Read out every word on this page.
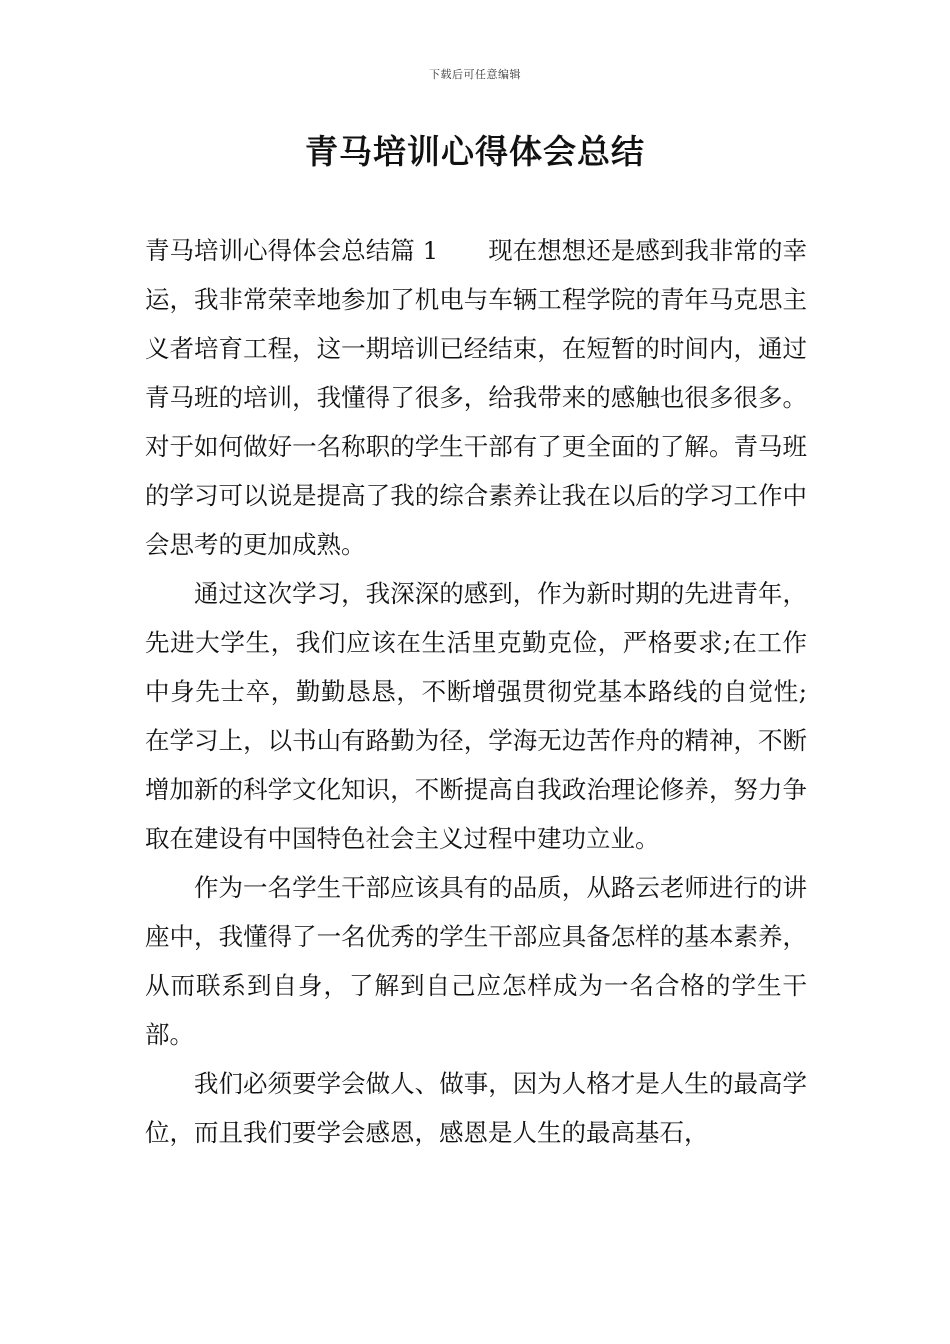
下载后可任意编辑
青马培训心得体会总结

青马培训心得体会总结篇 1 现在想想还是感到我非常的幸运，我非常荣幸地参加了机电与车辆工程学院的青年马克思主义者培育工程，这一期培训已经结束，在短暂的时间内，通过青马班的培训，我懂得了很多，给我带来的感触也很多很多。对于如何做好一名称职的学生干部有了更全面的了解。青马班的学习可以说是提高了我的综合素养让我在以后的学习工作中会思考的更加成熟。

通过这次学习，我深深的感到，作为新时期的先进青年，先进大学生，我们应该在生活里克勤克俭，严格要求;在工作中身先士卒，勤勤恳恳，不断增强贯彻党基本路线的自觉性;在学习上，以书山有路勤为径，学海无边苦作舟的精神，不断增加新的科学文化知识，不断提高自我政治理论修养，努力争取在建设有中国特色社会主义过程中建功立业。

作为一名学生干部应该具有的品质，从路云老师进行的讲座中，我懂得了一名优秀的学生干部应具备怎样的基本素养，从而联系到自身，了解到自己应怎样成为一名合格的学生干部。

我们必须要学会做人、做事，因为人格才是人生的最高学位，而且我们要学会感恩，感恩是人生的最高基石，
